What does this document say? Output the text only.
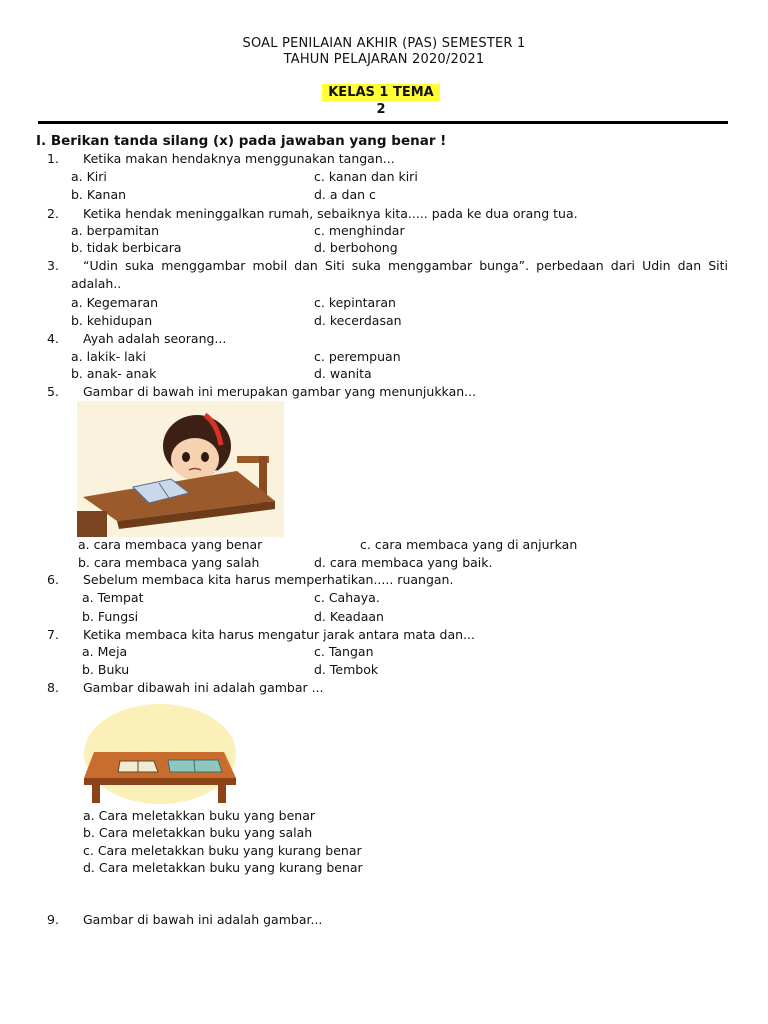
SOAL PENILAIAN AKHIR (PAS) SEMESTER 1
TAHUN PELAJARAN 2020/2021
KELAS 1 TEMA 2
I. Berikan tanda silang (x) pada jawaban yang benar !
1. Ketika makan hendaknya menggunakan tangan...
a. Kiri
b. Kanan
c. kanan dan kiri
d. a dan c
2. Ketika hendak meninggalkan rumah, sebaiknya kita..... pada ke dua orang tua.
a. berpamitan
b. tidak berbicara
c. menghindar
d. berbohong
3. “Udin suka menggambar mobil dan Siti suka menggambar bunga”. perbedaan dari Udin dan Siti
adalah..
a. Kegemaran
b. kehidupan
c. kepintaran
d. kecerdasan
4. Ayah adalah seorang...
a. lakik- laki
b. anak- anak
c. perempuan
d. wanita
5. Gambar di bawah ini merupakan gambar yang menunjukkan...
a. cara membaca yang benar
b. cara membaca yang salah
c. cara membaca yang di anjurkan
d. cara membaca yang baik.
6. Sebelum membaca kita harus memperhatikan..... ruangan.
a. Tempat
b. Fungsi
c. Cahaya.
d. Keadaan
7. Ketika membaca kita harus mengatur jarak antara mata dan...
a. Meja
b. Buku
c. Tangan
d. Tembok
8. Gambar dibawah ini adalah gambar ...
a. Cara meletakkan buku yang benar
b. Cara meletakkan buku yang salah
c. Cara meletakkan buku yang kurang benar
d. Cara meletakkan buku yang kurang benar
9. Gambar di bawah ini adalah gambar...
